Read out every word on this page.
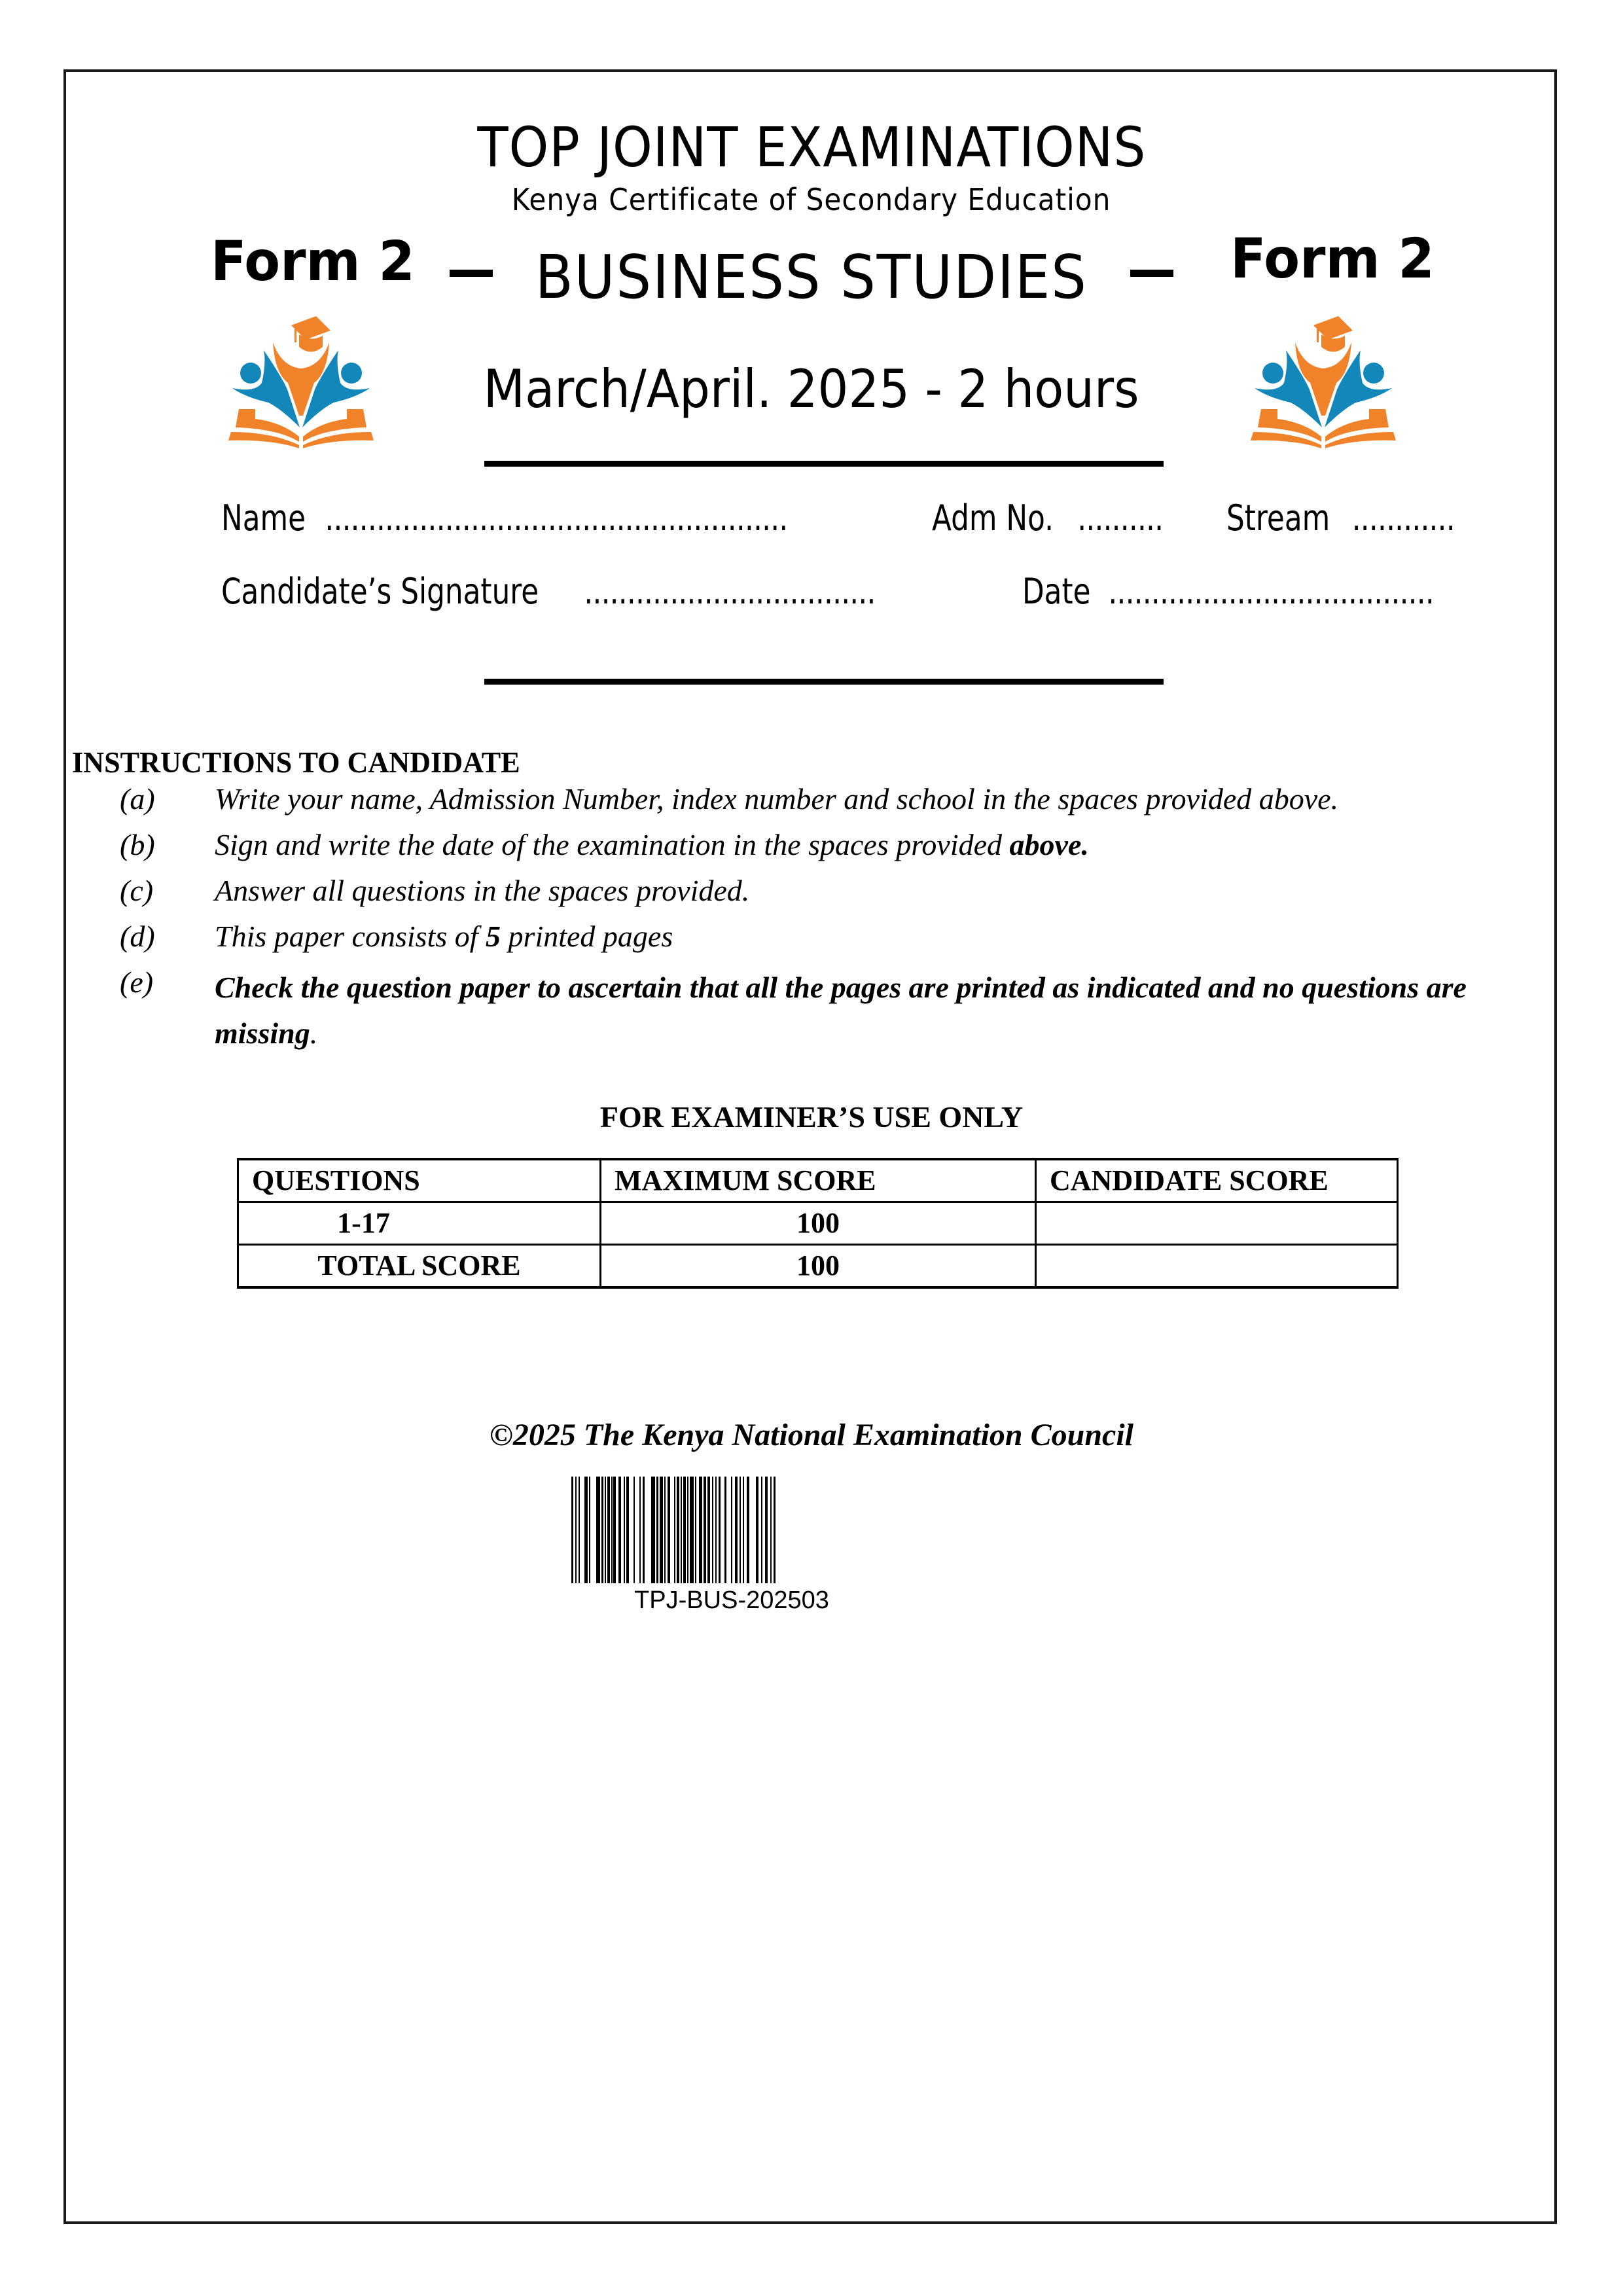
TOP JOINT EXAMINATIONS
Kenya Certificate of Secondary Education
Form 2	Form 2
BUSINESS STUDIES
March/April. 2025 - 2 hours
Name ......................................................	Adm No. ..........	Stream ............
Candidate’s Signature ..................................	Date ......................................
INSTRUCTIONS TO CANDIDATE
(a) Write your name, Admission Number, index number and school in the spaces provided above.
(b) Sign and write the date of the examination in the spaces provided above.
(c) Answer all questions in the spaces provided.
(d) This paper consists of 5 printed pages
(e) Check the question paper to ascertain that all the pages are printed as indicated and no questions are missing.
FOR EXAMINER’S USE ONLY
QUESTIONS	MAXIMUM SCORE	CANDIDATE SCORE
1-17	100	
TOTAL SCORE	100	
©2025 The Kenya National Examination Council
TPJ-BUS-202503
